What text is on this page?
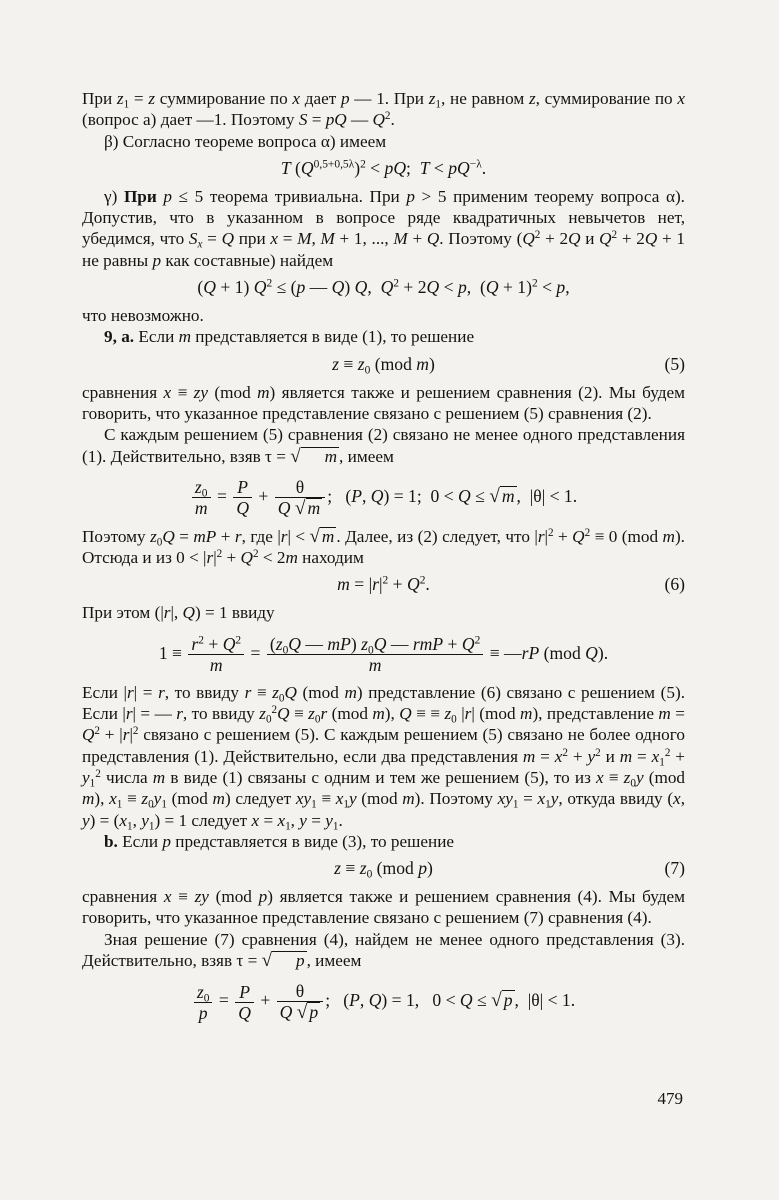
При $z_1 = z$ суммирование по x дает p — 1. При $z_1$, не равном z, суммирование по x (вопрос a) дает —1. Поэтому S = pQ — $Q^2$.

β) Согласно теореме вопроса α) имеем

T $(Q^{0,5+0,5\lambda})^2$ < pQ;  $T < pQ^{-\lambda}$.

γ) При p ≤ 5 теорема тривиальна. При p > 5 применим теорему вопроса α). Допустив, что в указанном в вопросе ряде квадратичных невычетов нет, убедимся, что $S_x = Q$ при x = M, M + 1, ..., M + Q. Поэтому ($Q^2 + 2Q$ и $Q^2 + 2Q + 1$ не равны p как составные) найдем

(Q + 1) $Q^2 \le (p$ — Q) Q,  $Q^2 + 2Q < p$,  $(Q + 1)^2 < p$,

что невозможно.

9, a. Если m представляется в виде (1), то решение

$z \equiv z_0$ (mod m)	(5)

сравнения x ≡ zy (mod m) является также и решением сравнения (2). Мы будем говорить, что указанное представление связано с решением (5) сравнения (2).

С каждым решением (5) сравнения (2) связано не менее одного представления (1). Действительно, взяв τ = √ m , имеем

$\frac{z_0}{m} = \frac{P}{Q} + \frac{\theta}{Q √ m}$ ;   (P, Q) = 1;  0 < Q ≤ √ m ,  |θ| < 1.

Поэтому $z_0Q$ = mP + r, где |r| < √ m . Далее, из (2) следует, что $|r|^2 + Q^2 \equiv 0$ (mod m). Отсюда и из $0 < |r|^2 + Q^2 < 2m$ находим

$m = |r|^2 + Q^2$.	(6)

При этом (|r|, Q) = 1 ввиду

$1 \equiv \frac{r^2 + Q^2}{m} = \frac{(z_0Q — mP) z_0Q — rmP + Q^2}{m}$ ≡ —rP (mod Q).

Если |r| = r, то ввиду $r \equiv z_0Q$ (mod m) представление (6) связано с решением (5). Если |r| = — r, то ввиду $z_0^2Q \equiv z_0r$ (mod m), Q ≡ ≡ $z_0$ |r| (mod m), представление $m = Q^2 + |r|^2$ связано с решением (5). С каждым решением (5) связано не более одного представления (1). Действительно, если два представления $m = x^2 + y^2$ и $m = x_1^2 + y_1^2$ числа m в виде (1) связаны с одним и тем же решением (5), то из $x \equiv z_0y$ (mod m), $x_1 \equiv z_0y_1$ (mod m) следует $xy_1 \equiv x_1y$ (mod m). Поэтому $xy_1 = x_1y$, откуда ввиду (x, $y) = (x_1$, $y_1) = 1$ следует $x = x_1$, $y = y_1$.

b. Если p представляется в виде (3), то решение

$z \equiv z_0$ (mod p)	(7)

сравнения x ≡ zy (mod p) является также и решением сравнения (4). Мы будем говорить, что указанное представление связано с решением (7) сравнения (4).

Зная решение (7) сравнения (4), найдем не менее одного представления (3). Действительно, взяв τ = √ p , имеем

$\frac{z_0}{p} = \frac{P}{Q} + \frac{\theta}{Q √ p}$ ;   (P, Q) = 1,   0 < Q ≤ √ p ,  |θ| < 1.
479
